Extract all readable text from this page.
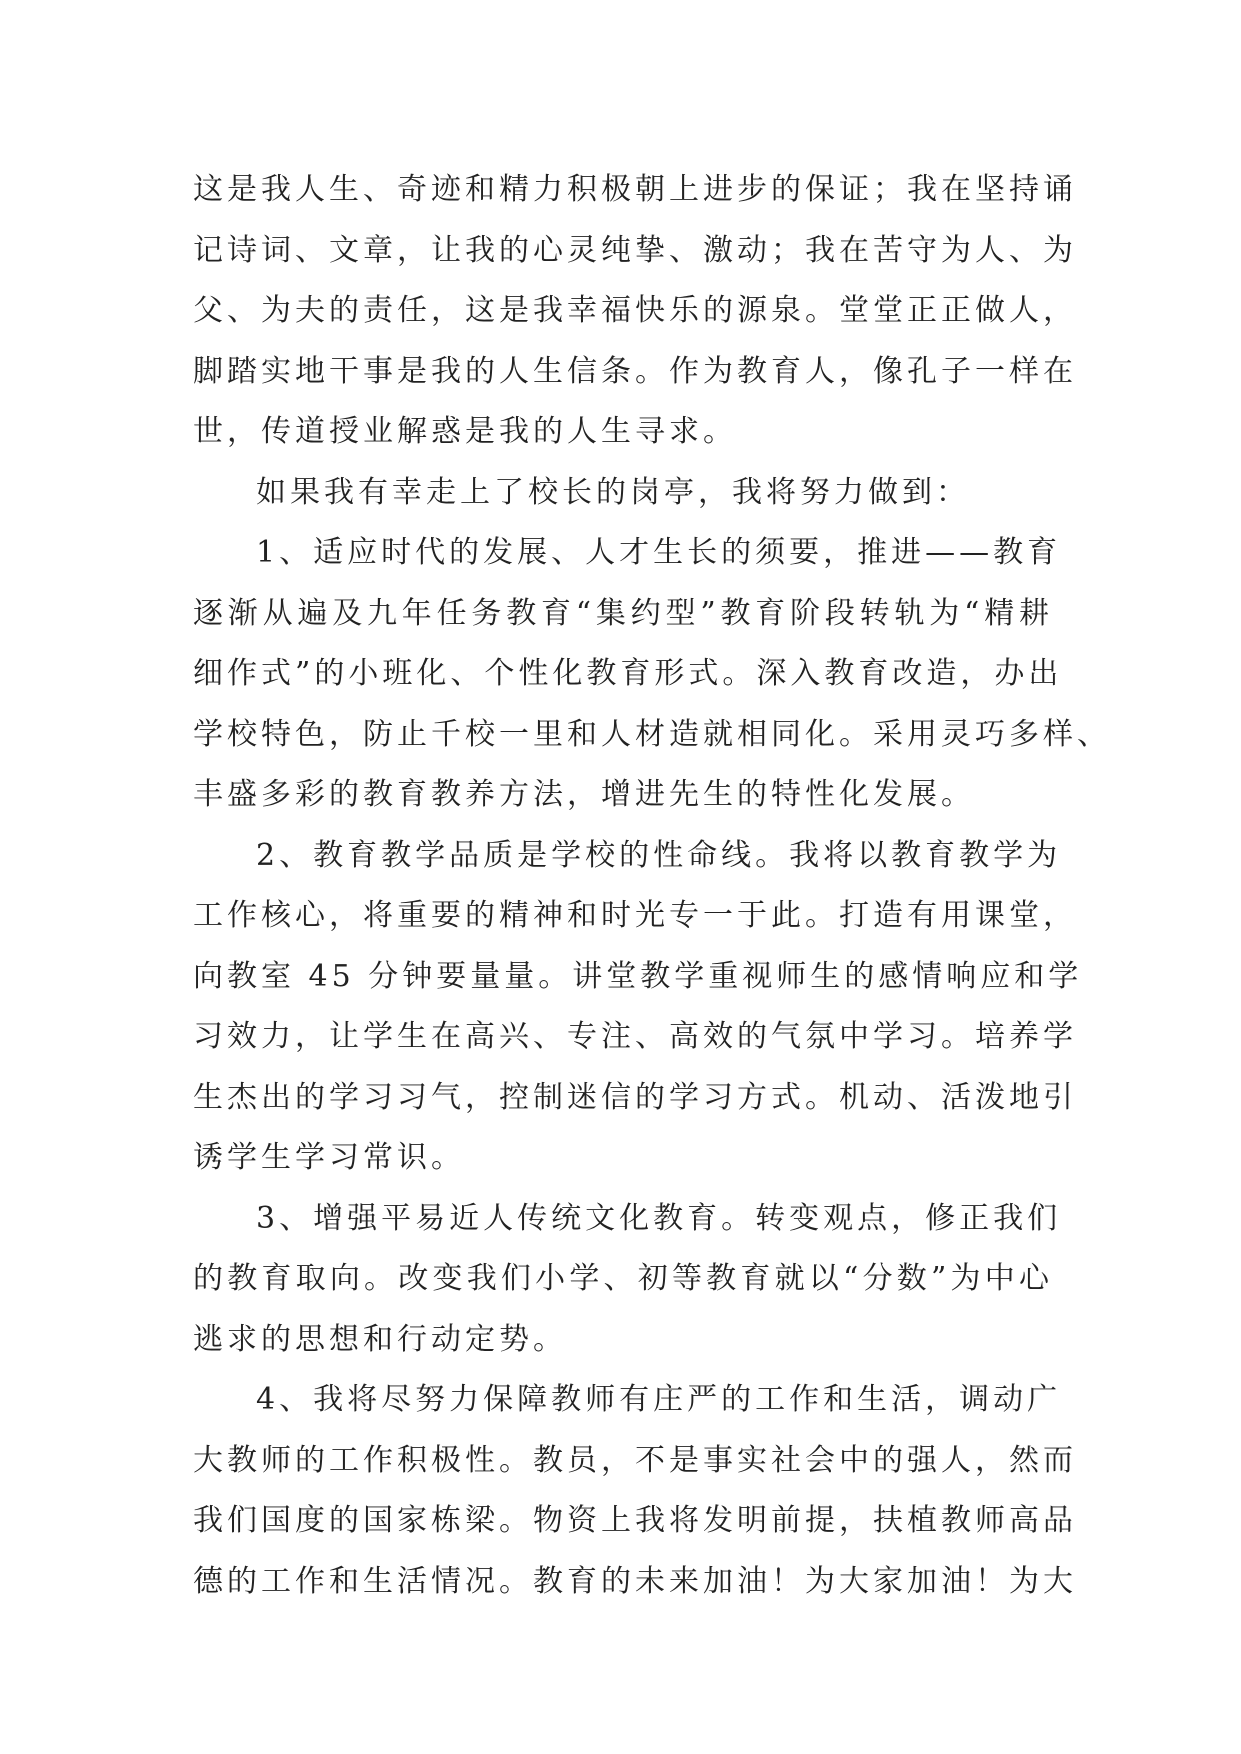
这是我人生、奇迹和精力积极朝上进步的保证；我在坚持诵
记诗词、文章，让我的心灵纯挚、激动；我在苦守为人、为
父、为夫的责任，这是我幸福快乐的源泉。堂堂正正做人，
脚踏实地干事是我的人生信条。作为教育人，像孔子一样在
世，传道授业解惑是我的人生寻求。
如果我有幸走上了校长的岗亭，我将努力做到：
1、适应时代的发展、人才生长的须要，推进——教育
逐渐从遍及九年任务教育“集约型”教育阶段转轨为“精耕
细作式”的小班化、个性化教育形式。深入教育改造，办出
学校特色，防止千校一里和人材造就相同化。采用灵巧多样、
丰盛多彩的教育教养方法，增进先生的特性化发展。
2、教育教学品质是学校的性命线。我将以教育教学为
工作核心，将重要的精神和时光专一于此。打造有用课堂，
向教室 45 分钟要量量。讲堂教学重视师生的感情响应和学
习效力，让学生在高兴、专注、高效的气氛中学习。培养学
生杰出的学习习气，控制迷信的学习方式。机动、活泼地引
诱学生学习常识。
3、增强平易近人传统文化教育。转变观点，修正我们
的教育取向。改变我们小学、初等教育就以“分数”为中心
逃求的思想和行动定势。
4、我将尽努力保障教师有庄严的工作和生活，调动广
大教师的工作积极性。教员，不是事实社会中的强人，然而
我们国度的国家栋梁。物资上我将发明前提，扶植教师高品
德的工作和生活情况。教育的未来加油！为大家加油！为大
